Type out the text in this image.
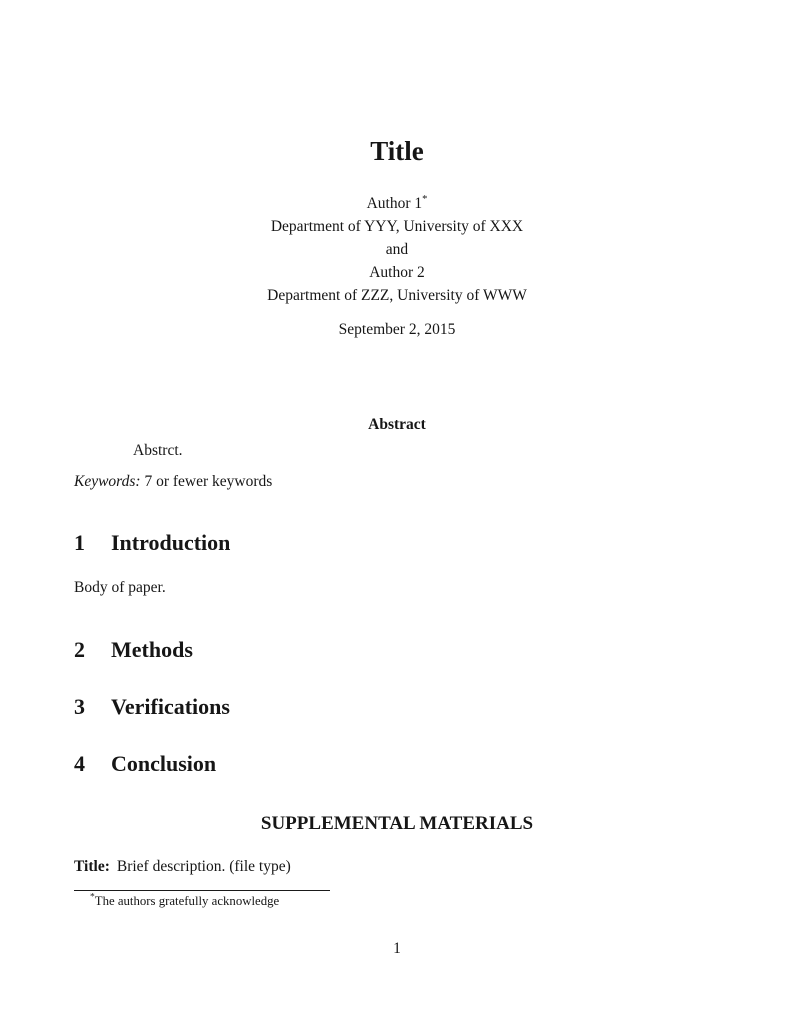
Title
Author 1*
Department of YYY, University of XXX
and
Author 2
Department of ZZZ, University of WWW
September 2, 2015
Abstract
Abstrct.
Keywords: 7 or fewer keywords
1 Introduction
Body of paper.
2 Methods
3 Verifications
4 Conclusion
SUPPLEMENTAL MATERIALS
Title: Brief description. (file type)
*The authors gratefully acknowledge
1
